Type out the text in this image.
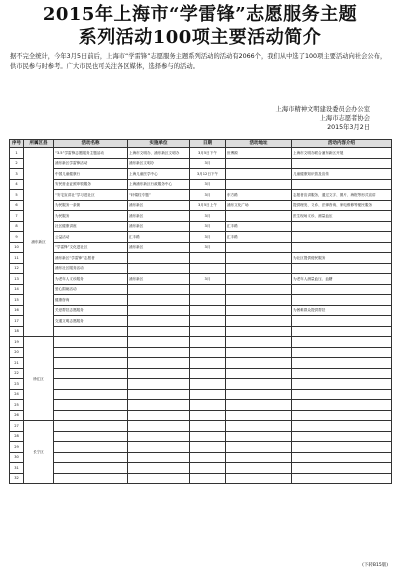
2015年上海市“学雷锋”志愿服务主题
系列活动100项主要活动简介
据不完全统计，今年3月5日前后，上海市“学雷锋”志愿服务主题系列活动的活动有2066个，我们从中选了100项主要活动向社会公布，供市民参与时参考。广大市民也可关注各区媒体，选择参与的活动。
上海市精神文明建设委员会办公室
上海市志愿者协会
2015年3月2日
序号	所属区县	活动名称	实施单位	日期	活动地址	活动内容介绍
1	浦东新区	“3.5”学雷锋志愿服务主题活动	上海市文明办、浦东新区文明办	3月5日下午	世博源	上海市文明办联合浦东新区开展
2		浦东新区学雷锋活动	浦东新区文明办	3月		
3		中国儿童健康行	上海儿童医学中心	3月12日下午		儿童健康知识普及宣传
4		安民营业证照申领服务	上海浦东新区行政服务中心	3月		
5		“安宅宣讲社”学习进社区	“轩辕柱专题”	3月	东方路	志愿者宣讲服务，通过文字、图片、海报等形式宣讲
6		为民服务一条街	浦东新区	3月5日上午	浦东文化广场	提供理发、义诊、法律咨询、家电维修等便民服务
7		为民服务	浦东新区	3月		医生现场义诊，测量血压
8		社区健康讲座	浦东新区	3月	汇丰路	
9		公益活动	汇丰路	3月	汇丰路	
10		“学雷锋”文化进社区	浦东新区	3月		
11		浦东新区“学雷锋”志愿者				为社区提供便民服务
12		浦东社区服务活动				
13		为老年人义诊服务	浦东新区	3月		为老年人测量血压、血糖
14		爱心捐助活动				
15		健康咨询				
16		关爱帮扶志愿服务				为困难群众提供帮扶
17		交通文明志愿服务				
18						
19	徐汇区					
20						
21						
22						
23						
24						
25						
26						
27	长宁区					
28						
29						
30						
31						
32						
(下转B15版)
